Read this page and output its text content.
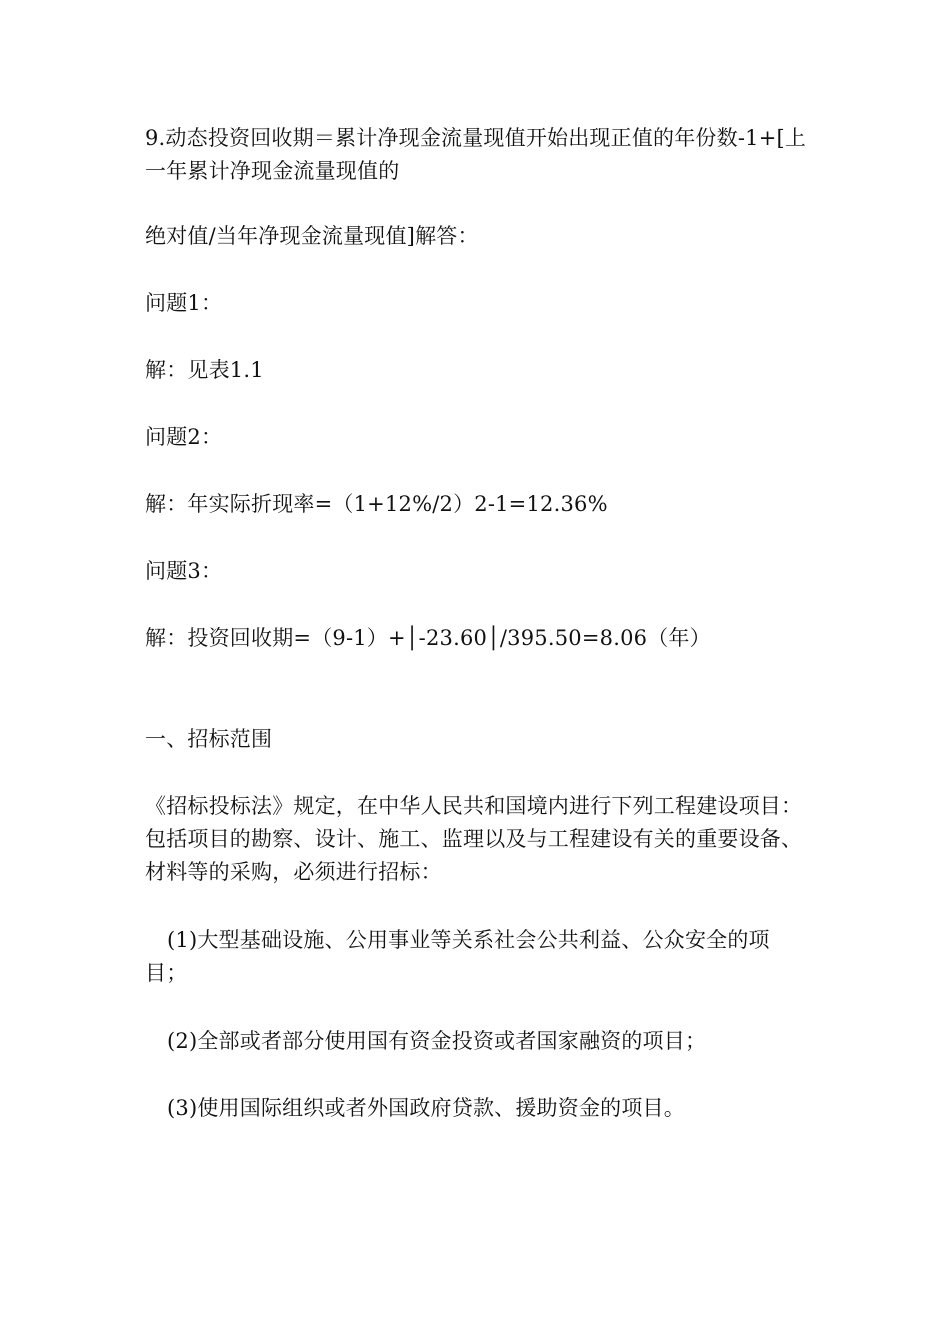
9.动态投资回收期＝累计净现金流量现值开始出现正值的年份数-1+[上一年累计净现金流量现值的
绝对值/当年净现金流量现值]解答：
问题1：
解：见表1.1
问题2：
解：年实际折现率=（1+12%/2）2-1=12.36%
问题3：
解：投资回收期=（9-1）+│-23.60│/395.50=8.06（年）
一、招标范围
《招标投标法》规定，在中华人民共和国境内进行下列工程建设项目：包括项目的勘察、设计、施工、监理以及与工程建设有关的重要设备、材料等的采购，必须进行招标：
(1)大型基础设施、公用事业等关系社会公共利益、公众安全的项目；
(2)全部或者部分使用国有资金投资或者国家融资的项目；
(3)使用国际组织或者外国政府贷款、援助资金的项目。
